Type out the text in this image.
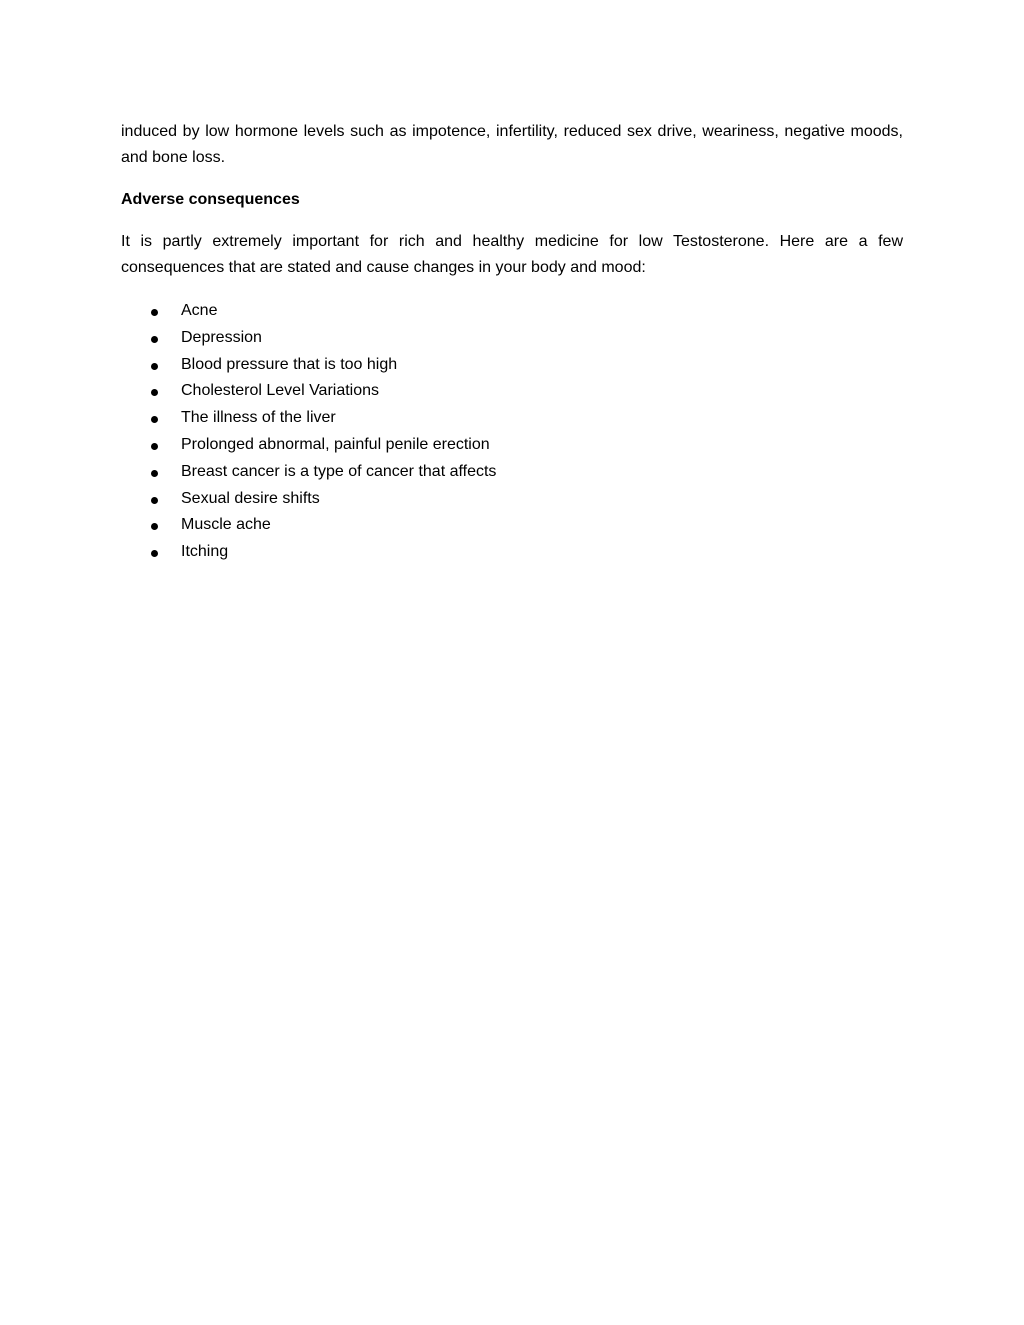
induced by low hormone levels such as impotence, infertility, reduced sex drive, weariness, negative moods, and bone loss.

Adverse consequences

It is partly extremely important for rich and healthy medicine for low Testosterone. Here are a few consequences that are stated and cause changes in your body and mood:

Acne
Depression
Blood pressure that is too high
Cholesterol Level Variations
The illness of the liver
Prolonged abnormal, painful penile erection
Breast cancer is a type of cancer that affects
Sexual desire shifts
Muscle ache
Itching
